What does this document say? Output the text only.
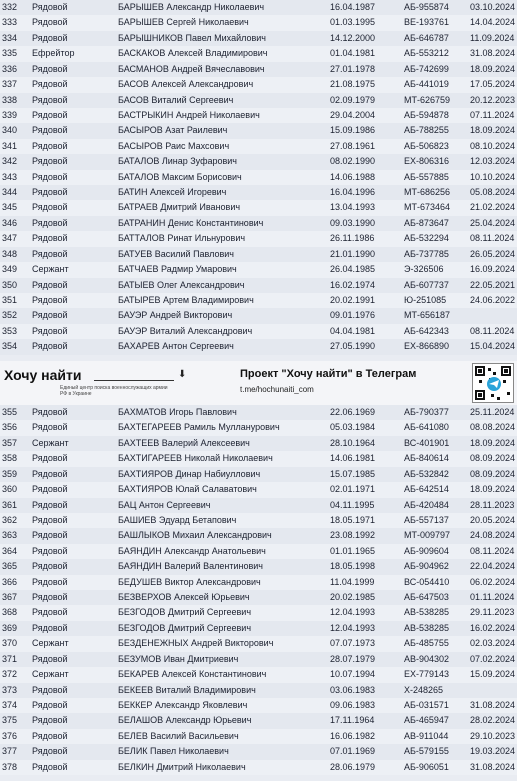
332	Рядовой	БАРЫШЕВ Александр Николаевич	16.04.1987	АБ-955874	03.10.2024
333	Рядовой	БАРЫШЕВ Сергей Николаевич	01.03.1995	ВЕ-193761	14.04.2024
334	Рядовой	БАРЫШНИКОВ Павел Михайлович	14.12.2000	АБ-646787	11.09.2024
335	Ефрейтор	БАСКАКОВ Алексей Владимирович	01.04.1981	АБ-553212	31.08.2024
336	Рядовой	БАСМАНОВ Андрей Вячеславович	27.01.1978	АБ-742699	18.09.2024
337	Рядовой	БАСОВ Алексей Александрович	21.08.1975	АБ-441019	17.05.2024
338	Рядовой	БАСОВ Виталий Сергеевич	02.09.1979	МТ-626759	20.12.2023
339	Рядовой	БАСТРЫКИН Андрей Николаевич	29.04.2004	АБ-594878	07.11.2024
340	Рядовой	БАСЫРОВ Азат Раилевич	15.09.1986	АБ-788255	18.09.2024
341	Рядовой	БАСЫРОВ Раис Махсович	27.08.1961	АБ-506823	08.10.2024
342	Рядовой	БАТАЛОВ Линар Зуфарович	08.02.1990	ЕХ-806316	12.03.2024
343	Рядовой	БАТАЛОВ Максим Борисович	14.06.1988	АБ-557885	10.10.2024
344	Рядовой	БАТИН Алексей Игоревич	16.04.1996	МТ-686256	05.08.2024
345	Рядовой	БАТРАЕВ Дмитрий Иванович	13.04.1993	МТ-673464	21.02.2024
346	Рядовой	БАТРАНИН Денис Константинович	09.03.1990	АБ-873647	25.04.2024
347	Рядовой	БАТТАЛОВ Ринат Ильнурович	26.11.1986	АБ-532294	08.11.2024
348	Рядовой	БАТУЕВ Василий Павлович	21.01.1990	АБ-737785	26.05.2024
349	Сержант	БАТЧАЕВ Радмир Умарович	26.04.1985	Э-326506	16.09.2024
350	Рядовой	БАТЫЕВ Олег Александрович	16.02.1974	АБ-607737	22.05.2021
351	Рядовой	БАТЫРЕВ Артем Владимирович	20.02.1991	Ю-251085	24.06.2022
352	Рядовой	БАУЭР Андрей Викторович	09.01.1976	МТ-656187
353	Рядовой	БАУЭР Виталий Александрович	04.04.1981	АБ-642343	08.11.2024
354	Рядовой	БАХАРЕВ Антон Сергеевич	27.05.1990	ЕХ-866890	15.04.2024
Хочу найти	⬇
Единый центр поиска военнослужащих армии РФ в Украине
Проект "Хочу найти" в Телеграм
t.me/hochunaiti_com
355	Рядовой	БАХМАТОВ Игорь Павлович	22.06.1969	АБ-790377	25.11.2024
356	Рядовой	БАХТЕГАРЕЕВ Рамиль Мулланурович	05.03.1984	АБ-641080	08.08.2024
357	Сержант	БАХТЕЕВ Валерий Алексеевич	28.10.1964	ВС-401901	18.09.2024
358	Рядовой	БАХТИГАРЕЕВ Николай Николаевич	14.06.1981	АБ-840614	08.09.2024
359	Рядовой	БАХТИЯРОВ Динар Набиуллович	15.07.1985	АБ-532842	08.09.2024
360	Рядовой	БАХТИЯРОВ Юлай Салаватович	02.01.1971	АБ-642514	18.09.2024
361	Рядовой	БАЦ Антон Сергеевич	04.11.1995	АБ-420484	28.11.2023
362	Рядовой	БАШИЕВ Эдуард Бетапович	18.05.1971	АБ-557137	20.05.2024
363	Рядовой	БАШЛЫКОВ Михаил Александрович	23.08.1992	МТ-009797	24.08.2024
364	Рядовой	БАЯНДИН Александр Анатольевич	01.01.1965	АБ-909604	08.11.2024
365	Рядовой	БАЯНДИН Валерий Валентинович	18.05.1998	АБ-904962	22.04.2024
366	Рядовой	БЕДУШЕВ Виктор Александрович	11.04.1999	ВС-054410	06.02.2024
367	Рядовой	БЕЗВЕРХОВ Алексей Юрьевич	20.02.1985	АБ-647503	01.11.2024
368	Рядовой	БЕЗГОДОВ Дмитрий Сергеевич	12.04.1993	АВ-538285	29.11.2023
369	Рядовой	БЕЗГОДОВ Дмитрий Сергеевич	12.04.1993	АВ-538285	16.02.2024
370	Сержант	БЕЗДЕНЕЖНЫХ Андрей Викторович	07.07.1973	АБ-485755	02.03.2024
371	Рядовой	БЕЗУМОВ Иван Дмитриевич	28.07.1979	АВ-904302	07.02.2024
372	Сержант	БЕКАРЕВ Алексей Константинович	10.07.1994	ЕХ-779143	15.09.2024
373	Рядовой	БЕКЕЕВ Виталий Владимирович	03.06.1983	Х-248265
374	Рядовой	БЕККЕР Александр Яковлевич	09.06.1983	АБ-031571	31.08.2024
375	Рядовой	БЕЛАШОВ Александр Юрьевич	17.11.1964	АБ-465947	28.02.2024
376	Рядовой	БЕЛЕВ Василий Васильевич	16.06.1982	АВ-911044	29.10.2023
377	Рядовой	БЕЛИК Павел Николаевич	07.01.1969	АБ-579155	19.03.2024
378	Рядовой	БЕЛКИН Дмитрий Николаевич	28.06.1979	АБ-906051	31.08.2024
